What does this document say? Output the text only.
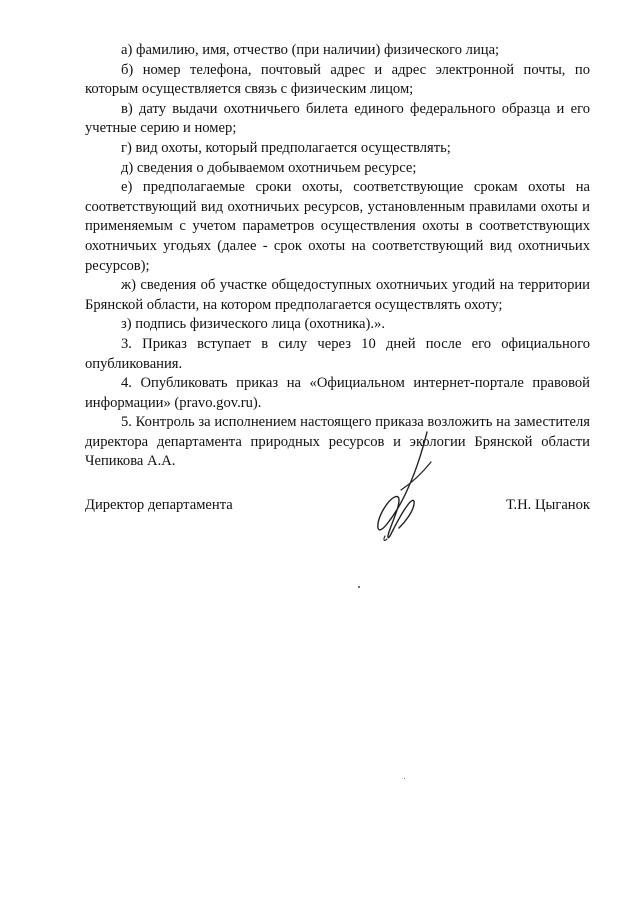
а) фамилию, имя, отчество (при наличии) физического лица;

б) номер телефона, почтовый адрес и адрес электронной почты, по которым осуществляется связь с физическим лицом;

в) дату выдачи охотничьего билета единого федерального образца и его учетные серию и номер;

г) вид охоты, который предполагается осуществлять;

д) сведения о добываемом охотничьем ресурсе;

е) предполагаемые сроки охоты, соответствующие срокам охоты на соответствующий вид охотничьих ресурсов, установленным правилами охоты и применяемым с учетом параметров осуществления охоты в соответствующих охотничьих угодьях (далее - срок охоты на соответствующий вид охотничьих ресурсов);

ж) сведения об участке общедоступных охотничьих угодий на территории Брянской области, на котором предполагается осуществлять охоту;

з) подпись физического лица (охотника).».

3. Приказ вступает в силу через 10 дней после его официального опубликования.

4. Опубликовать приказ на «Официальном интернет-портале правовой информации» (pravo.gov.ru).

5. Контроль за исполнением настоящего приказа возложить на заместителя директора департамента природных ресурсов и экологии Брянской области Чепикова А.А.

Директор департамента	Т.Н. Цыганок
